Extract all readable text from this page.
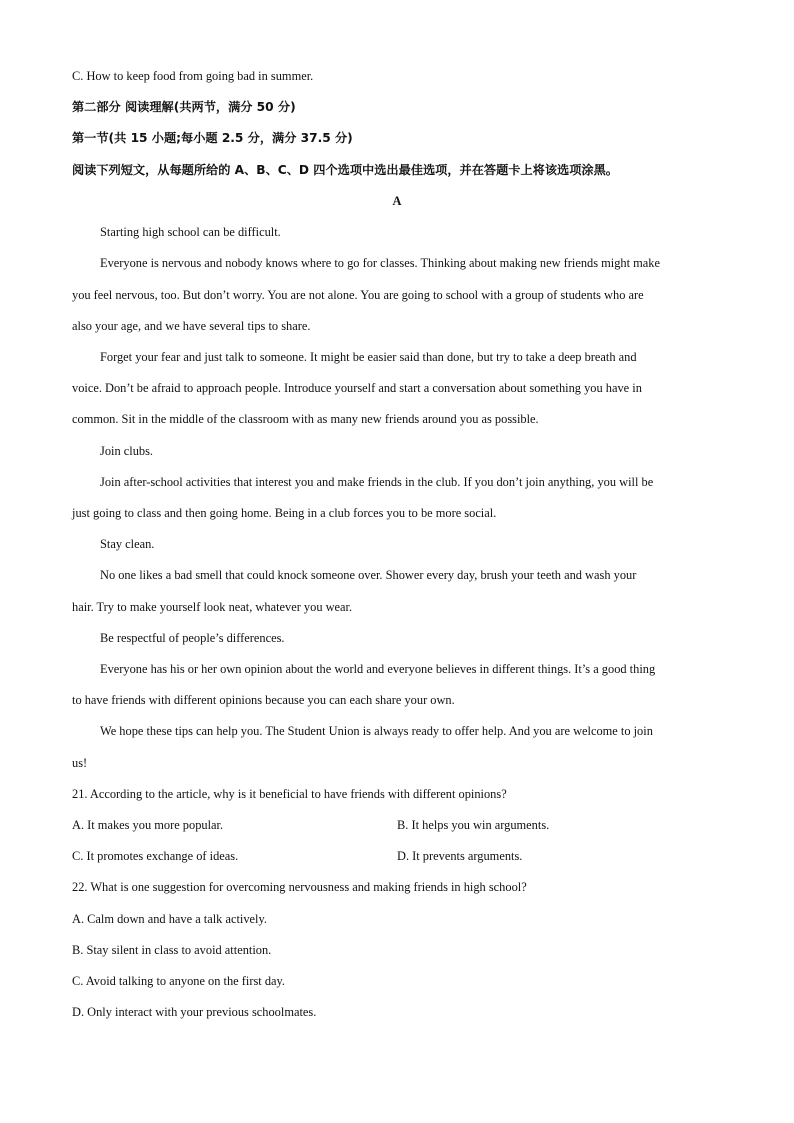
C. How to keep food from going bad in summer.
第二部分 阅读理解(共两节，满分 50 分)
第一节(共 15 小题;每小题 2.5 分，满分 37.5 分)
阅读下列短文，从每题所给的 A、B、C、D 四个选项中选出最佳选项，并在答题卡上将该选项涂黑。
A
Starting high school can be difficult.
Everyone is nervous and nobody knows where to go for classes. Thinking about making new friends might make
you feel nervous, too. But don’t worry. You are not alone. You are going to school with a group of students who are
also your age, and we have several tips to share.
Forget your fear and just talk to someone. It might be easier said than done, but try to take a deep breath and
voice. Don’t be afraid to approach people. Introduce yourself and start a conversation about something you have in
common. Sit in the middle of the classroom with as many new friends around you as possible.
Join clubs.
Join after-school activities that interest you and make friends in the club. If you don’t join anything, you will be
just going to class and then going home. Being in a club forces you to be more social.
Stay clean.
No one likes a bad smell that could knock someone over. Shower every day, brush your teeth and wash your
hair. Try to make yourself look neat, whatever you wear.
Be respectful of people’s differences.
Everyone has his or her own opinion about the world and everyone believes in different things. It’s a good thing
to have friends with different opinions because you can each share your own.
We hope these tips can help you. The Student Union is always ready to offer help. And you are welcome to join
us!
21. According to the article, why is it beneficial to have friends with different opinions?
A. It makes you more popular.	B. It helps you win arguments.
C. It promotes exchange of ideas.	D. It prevents arguments.
22. What is one suggestion for overcoming nervousness and making friends in high school?
A. Calm down and have a talk actively.
B. Stay silent in class to avoid attention.
C. Avoid talking to anyone on the first day.
D. Only interact with your previous schoolmates.
